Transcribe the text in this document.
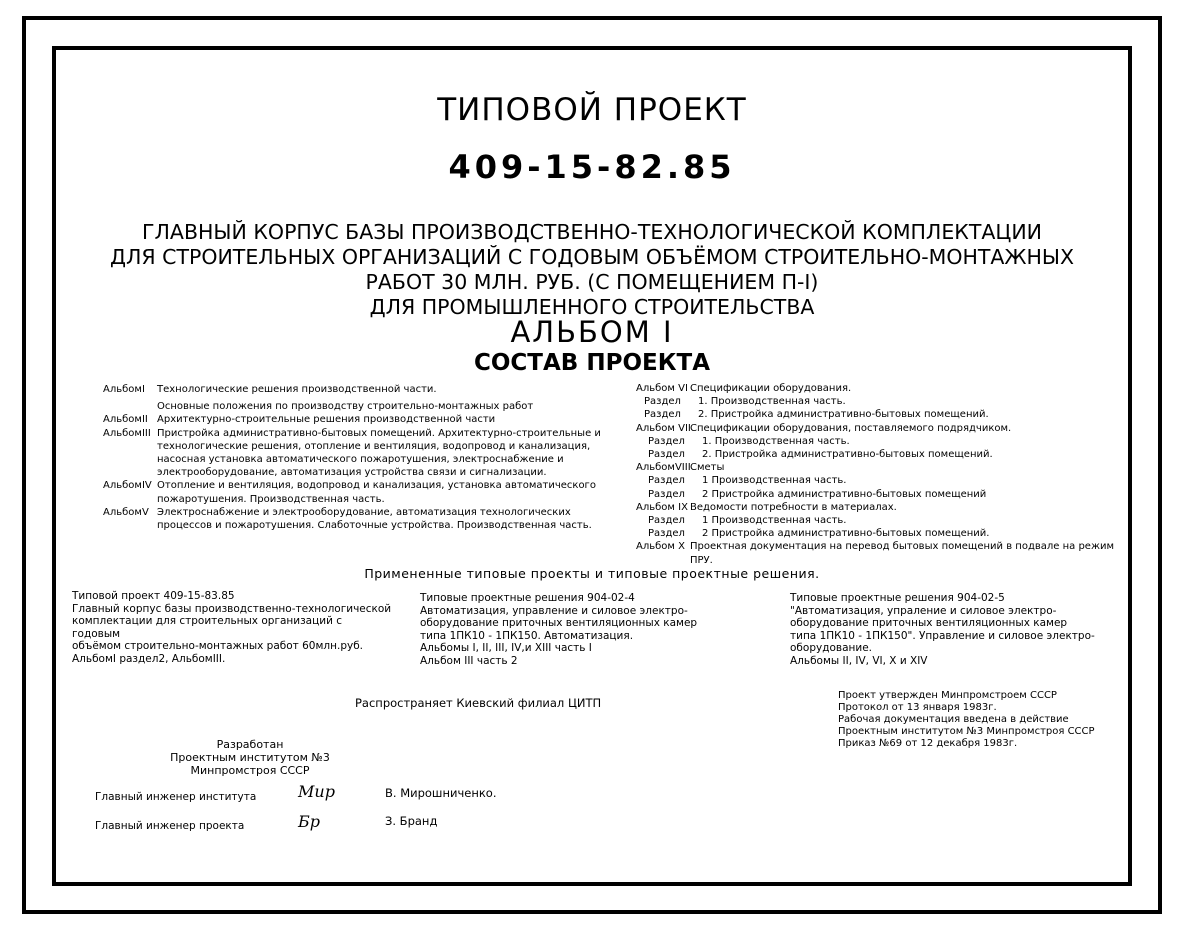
ТИПОВОЙ ПРОЕКТ
409-15-82.85
ГЛАВНЫЙ КОРПУС БАЗЫ ПРОИЗВОДСТВЕННО-ТЕХНОЛОГИЧЕСКОЙ КОМПЛЕКТАЦИИ
ДЛЯ СТРОИТЕЛЬНЫХ ОРГАНИЗАЦИЙ С ГОДОВЫМ ОБЪЁМОМ СТРОИТЕЛЬНО-МОНТАЖНЫХ
РАБОТ 30 МЛН. РУБ. (С ПОМЕЩЕНИЕМ П-I)
ДЛЯ ПРОМЫШЛЕННОГО СТРОИТЕЛЬСТВА
АЛЬБОМ I
СОСТАВ ПРОЕКТА
АльбомI	Технологические решения производственной части.
Основные положения по производству строительно-монтажных работ
АльбомII Архитектурно-строительные решения производственной части
АльбомIII Пристройка административно-бытовых помещений. Архитектурно-строительные и технологические решения, отопление и вентиляция, водопровод и канализация, насосная установка автоматического пожаротушения, электроснабжение и электрооборудование, автоматизация устройства связи и сигнализации.
АльбомIV Отопление и вентиляция, водопровод и канализация, установка автоматического пожаротушения. Производственная часть.
АльбомV Электроснабжение и электрооборудование, автоматизация технологических процессов и пожаротушения. Слаботочные устройства. Производственная часть.
Альбом VI Спецификации оборудования.
Раздел	1. Производственная часть.
Раздел	2. Пристройка административно-бытовых помещений.
Альбом VII Спецификации оборудования, поставляемого подрядчиком.
Раздел	1. Производственная часть.
Раздел	2. Пристройка административно-бытовых помещений.
АльбомVIII Сметы
Раздел	1 Производственная часть.
Раздел	2 Пристройка административно-бытовых помещений
Альбом IX Ведомости потребности в материалах.
Раздел	1 Производственная часть.
Раздел	2 Пристройка административно-бытовых помещений.
Альбом X Проектная документация на перевод бытовых помещений в подвале на режим ПРУ.
Примененные типовые проекты и типовые проектные решения.
Типовой проект 409-15-83.85
Главный корпус базы производственно-технологической
комплектации для строительных организаций с годовым
объёмом строительно-монтажных работ 60млн.руб.
АльбомI раздел2, АльбомIII.
Типовые проектные решения 904-02-4
Автоматизация, управление и силовое электро-
оборудование приточных вентиляционных камер
типа 1ПК10 - 1ПК150. Автоматизация.
Альбомы I, II, III, IV,и XIII часть I
Альбом III часть 2
Типовые проектные решения 904-02-5
"Автоматизация, упраление и силовое электро-
оборудование приточных вентиляционных камер
типа 1ПК10 - 1ПК150". Управление и силовое электро-
оборудование.
Альбомы II, IV, VI, X и XIV
Распространяет Киевский филиал ЦИТП
Проект утвержден Минпромстроем СССР
Протокол от 13 января 1983г.
Рабочая документация введена в действие
Проектным институтом №3 Минпромстроя СССР
Приказ №69 от 12 декабря 1983г.
Разработан
Проектным институтом №3
Минпромстроя СССР
Главный инженер института	Мир	В. Мирошниченко.
Главный инженер проекта	Бр	З. Бранд
